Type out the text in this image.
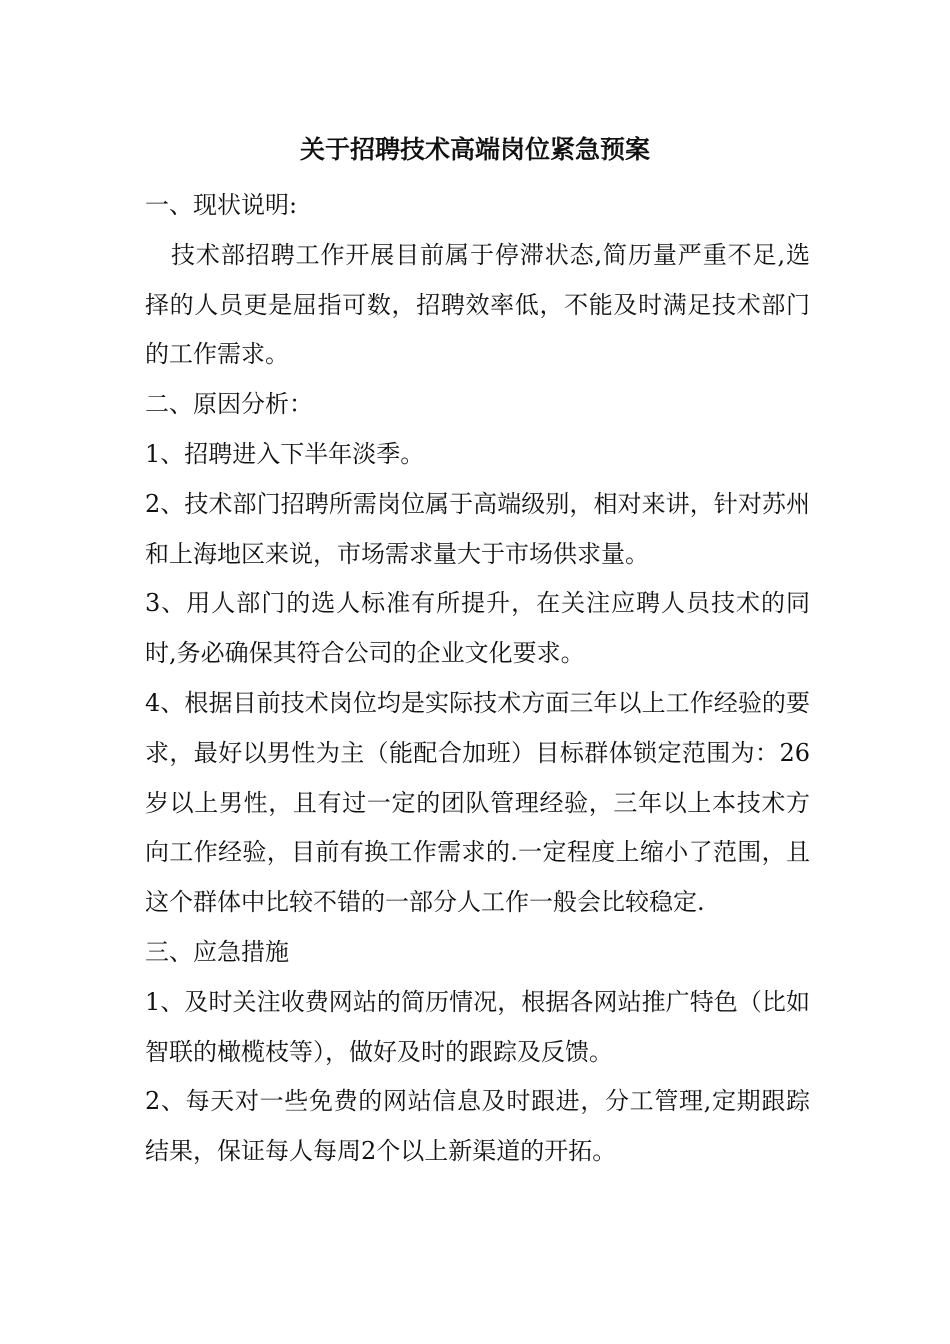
关于招聘技术高端岗位紧急预案

一、现状说明:

技术部招聘工作开展目前属于停滞状态,简历量严重不足,选择的人员更是屈指可数，招聘效率低，不能及时满足技术部门的工作需求。

二、原因分析：

1、招聘进入下半年淡季。

2、技术部门招聘所需岗位属于高端级别，相对来讲，针对苏州和上海地区来说，市场需求量大于市场供求量。

3、用人部门的选人标准有所提升，在关注应聘人员技术的同时,务必确保其符合公司的企业文化要求。

4、根据目前技术岗位均是实际技术方面三年以上工作经验的要求，最好以男性为主（能配合加班）目标群体锁定范围为：26岁以上男性，且有过一定的团队管理经验，三年以上本技术方向工作经验，目前有换工作需求的.一定程度上缩小了范围，且这个群体中比较不错的一部分人工作一般会比较稳定.

三、应急措施

1、及时关注收费网站的简历情况，根据各网站推广特色（比如智联的橄榄枝等），做好及时的跟踪及反馈。

2、每天对一些免费的网站信息及时跟进，分工管理,定期跟踪结果，保证每人每周2个以上新渠道的开拓。
